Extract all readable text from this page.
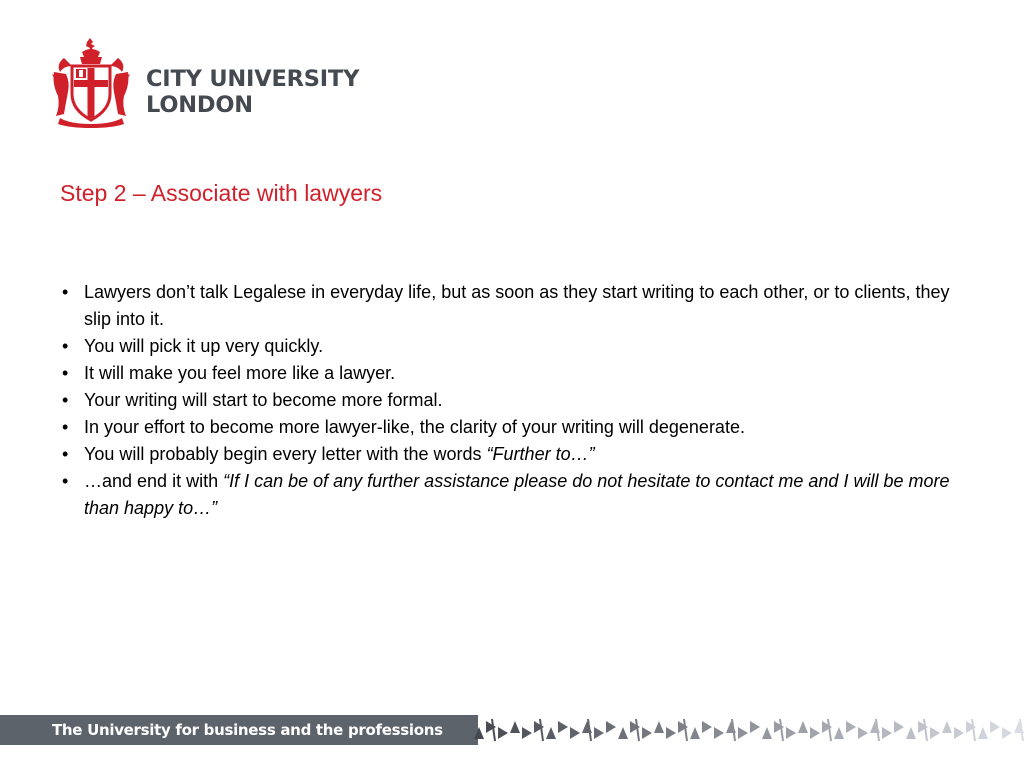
CITY UNIVERSITY
LONDON
Step 2 – Associate with lawyers
• Lawyers don’t talk Legalese in everyday life, but as soon as they start writing to each other, or to clients, they slip into it.
• You will pick it up very quickly.
• It will make you feel more like a lawyer.
• Your writing will start to become more formal.
• In your effort to become more lawyer-like, the clarity of your writing will degenerate.
• You will probably begin every letter with the words “Further to…”
• …and end it with “If I can be of any further assistance please do not hesitate to contact me and I will be more than happy to…”
The University for business and the professions
